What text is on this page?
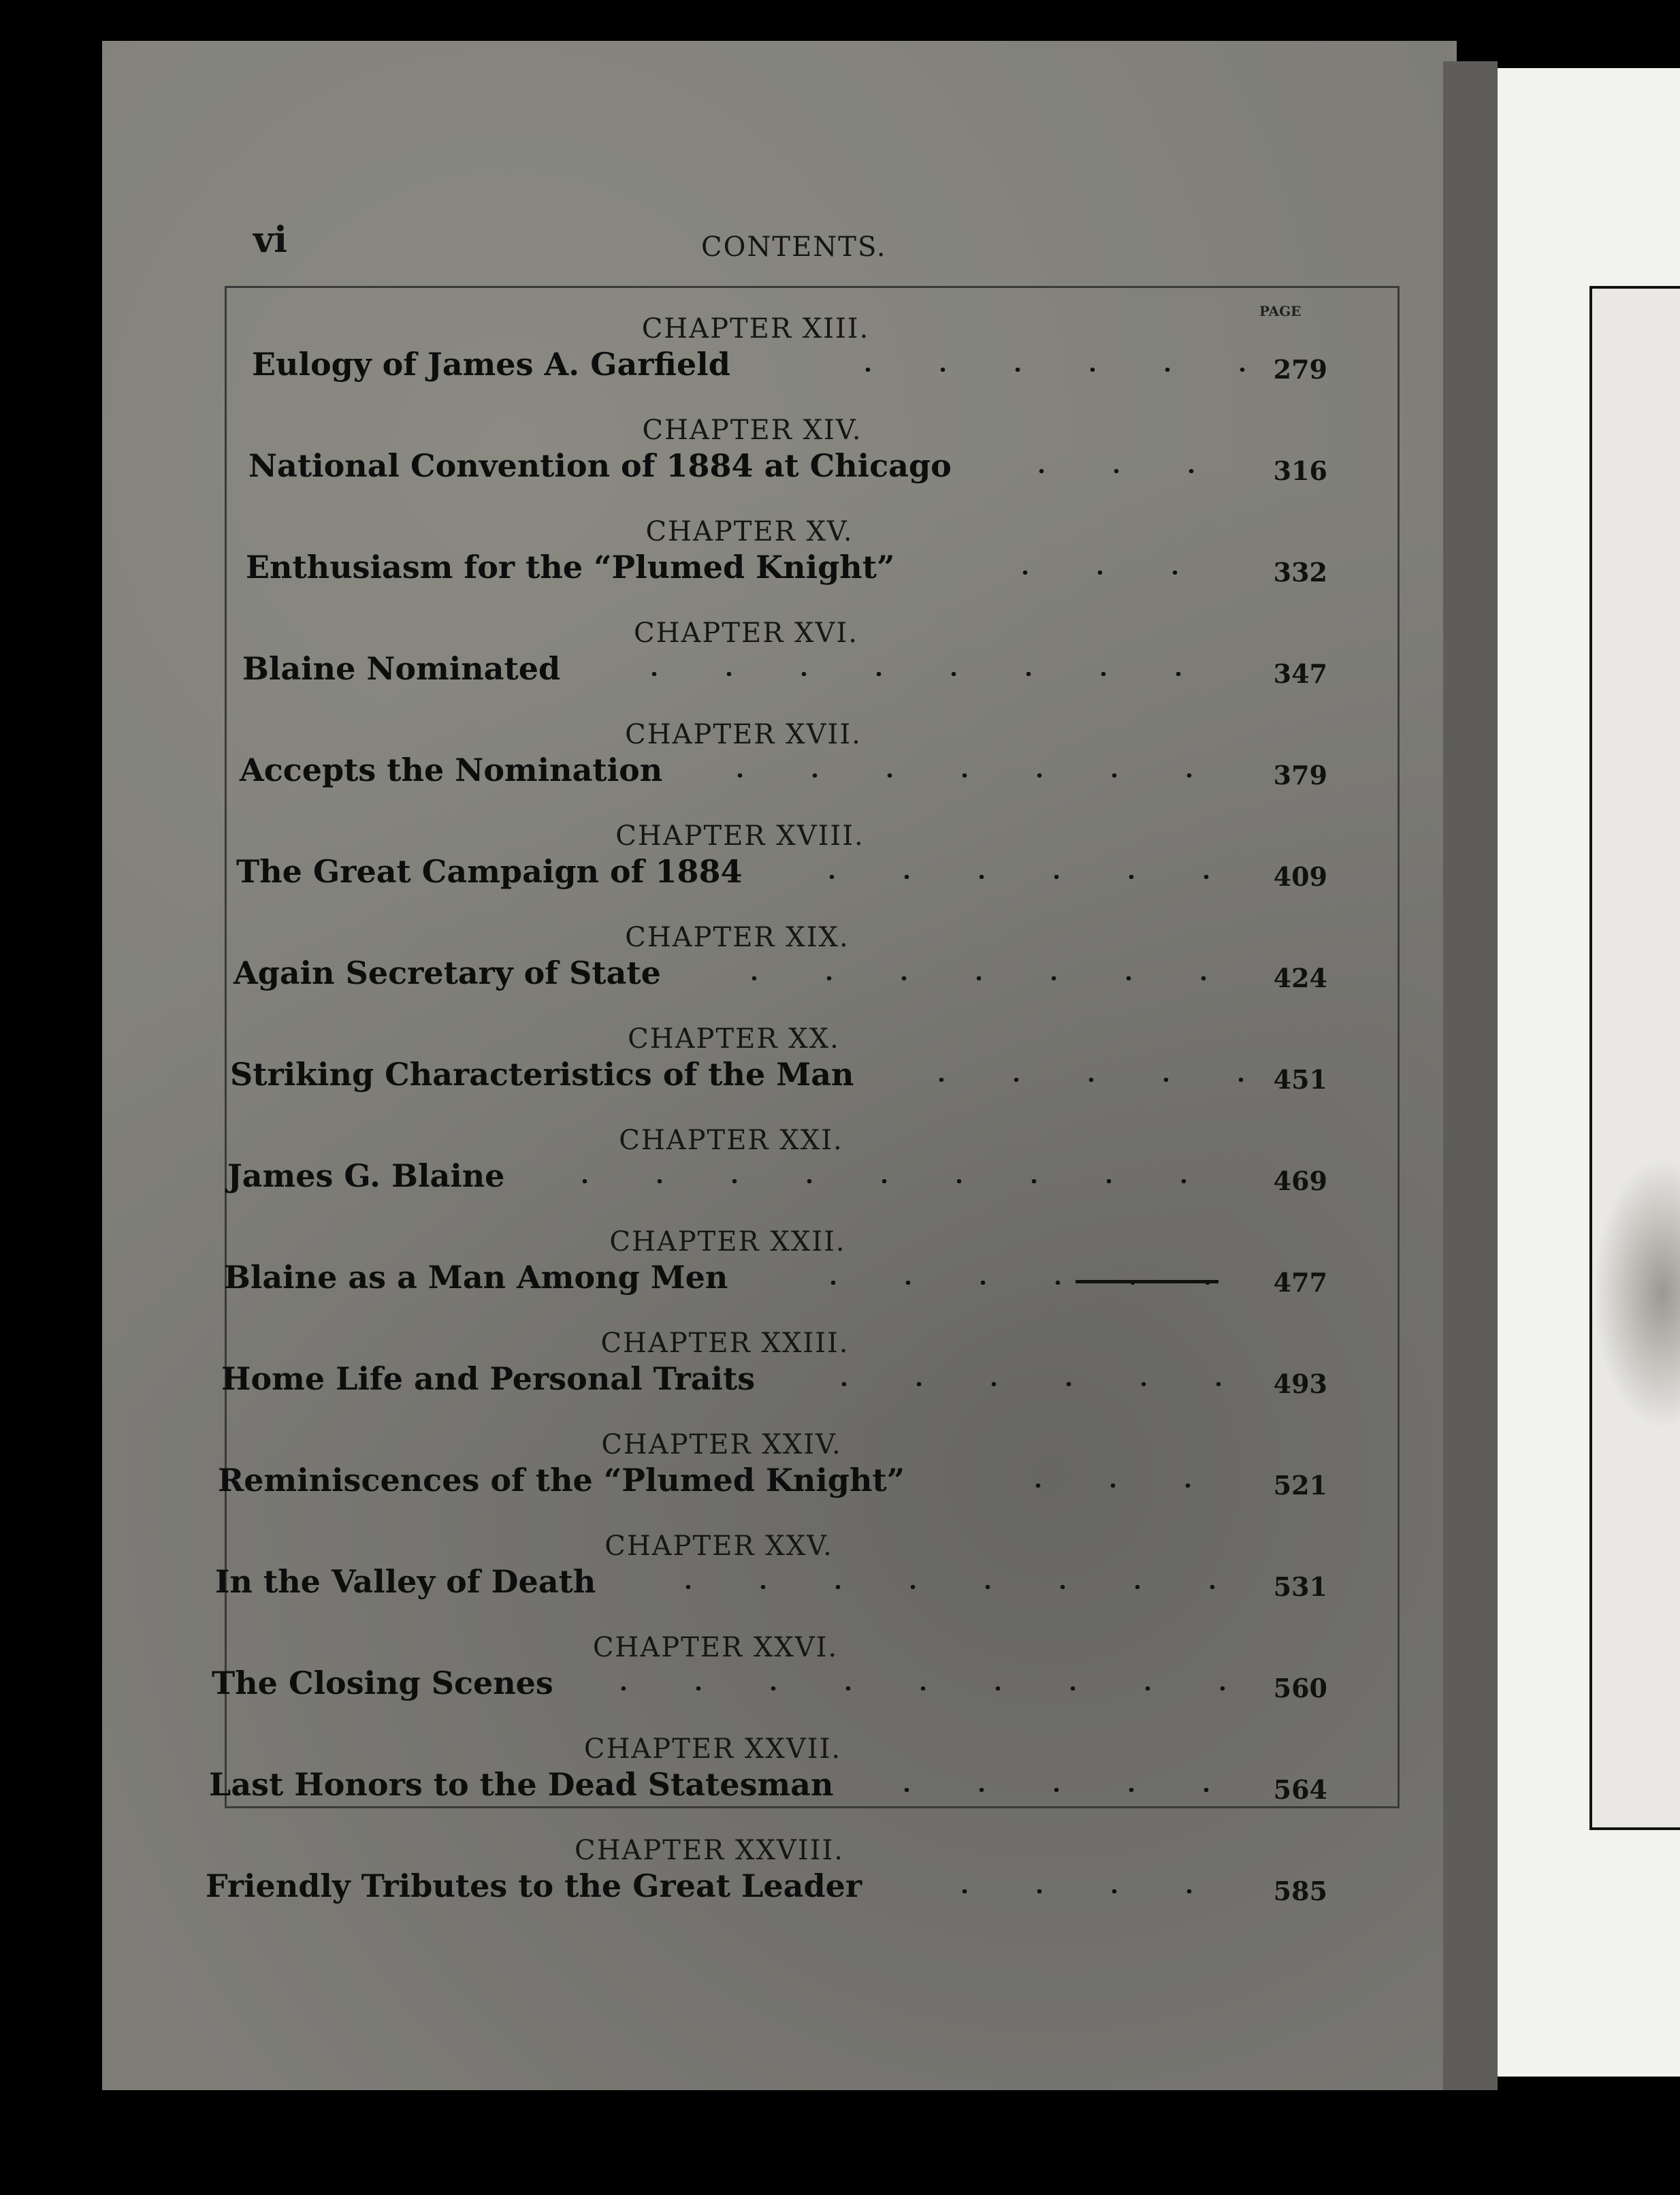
vi	CONTENTS.
PAGE
CHAPTER XIII.
Eulogy of James A. Garfield	279
CHAPTER XIV.
National Convention of 1884 at Chicago	316
CHAPTER XV.
Enthusiasm for the “Plumed Knight”	332
CHAPTER XVI.
Blaine Nominated	347
CHAPTER XVII.
Accepts the Nomination	379
CHAPTER XVIII.
The Great Campaign of 1884	409
CHAPTER XIX.
Again Secretary of State	424
CHAPTER XX.
Striking Characteristics of the Man	451
CHAPTER XXI.
James G. Blaine	469
CHAPTER XXII.
Blaine as a Man Among Men	477
CHAPTER XXIII.
Home Life and Personal Traits	493
CHAPTER XXIV.
Reminiscences of the “Plumed Knight”	521
CHAPTER XXV.
In the Valley of Death	531
CHAPTER XXVI.
The Closing Scenes	560
CHAPTER XXVII.
Last Honors to the Dead Statesman	564
CHAPTER XXVIII.
Friendly Tributes to the Great Leader	585
